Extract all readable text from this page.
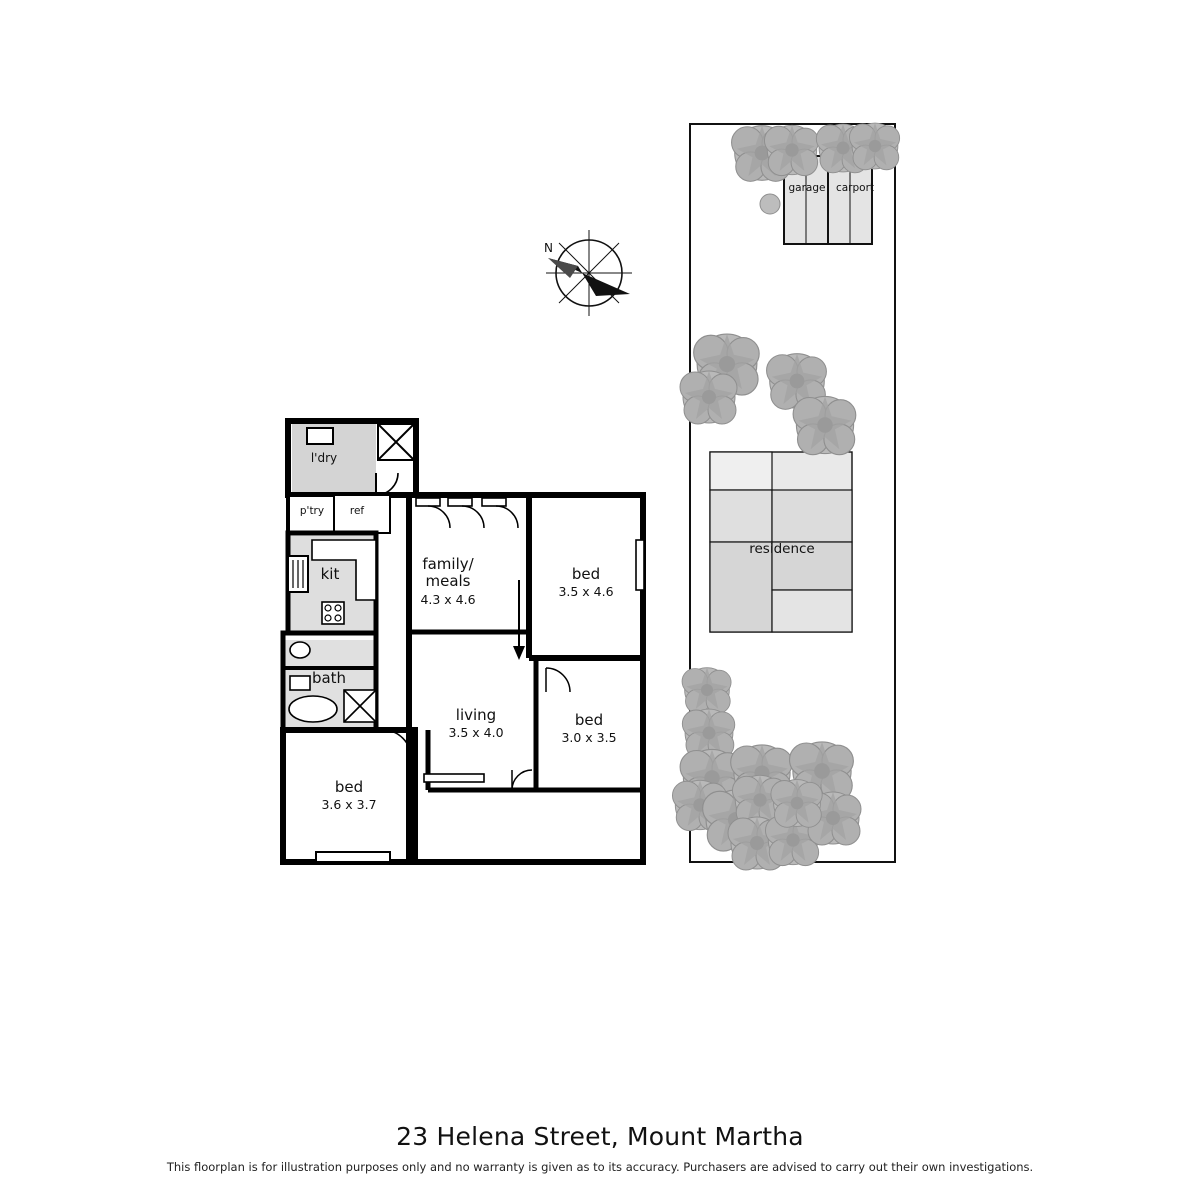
N
l'dry
p'try	ref
kit
family/
meals
4.3 x 4.6
bed
3.5 x 4.6
bath
living
3.5 x 4.0
bed
3.0 x 3.5
bed
3.6 x 3.7
garage carport
residence
23 Helena Street, Mount Martha
This floorplan is for illustration purposes only and no warranty is given as to its accuracy. Purchasers are advised to carry out their own investigations.
